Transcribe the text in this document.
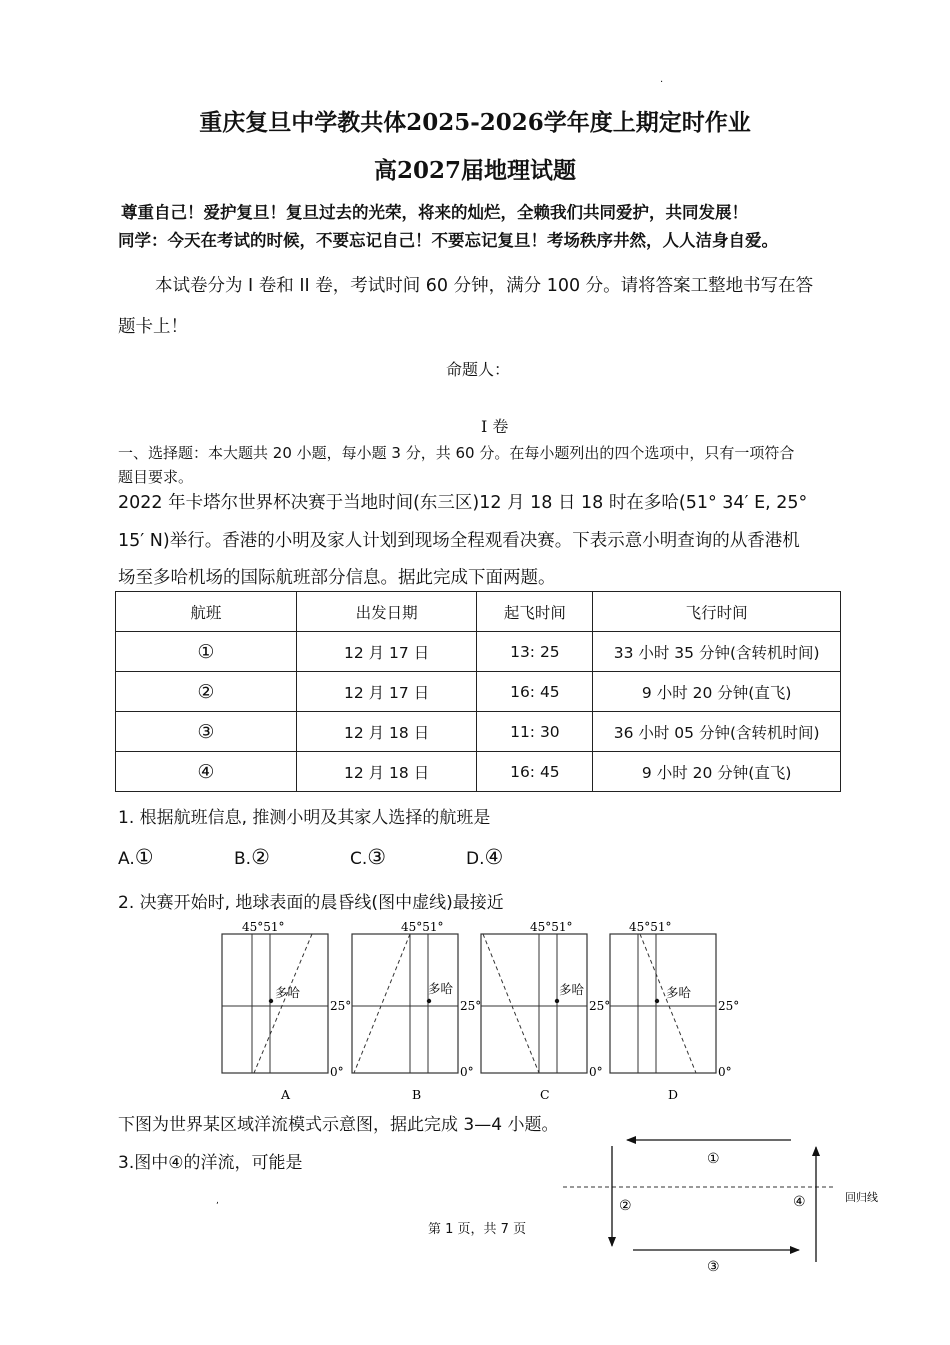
.
重庆复旦中学教共体2025-2026学年度上期定时作业
高2027届地理试题
尊重自己！爱护复旦！复旦过去的光荣，将来的灿烂，全赖我们共同爱护，共同发展！
同学：今天在考试的时候，不要忘记自己！不要忘记复旦！考场秩序井然，人人洁身自爱。
本试卷分为 I 卷和 II 卷，考试时间 60 分钟，满分 100 分。请将答案工整地书写在答
题卡上！
命题人：
I 卷
一、选择题：本大题共 20 小题，每小题 3 分，共 60 分。在每小题列出的四个选项中，只有一项符合
题目要求。
2022 年卡塔尔世界杯决赛于当地时间(东三区)12 月 18 日 18 时在多哈(51° 34′ E, 25°
15′ N)举行。香港的小明及家人计划到现场全程观看决赛。下表示意小明查询的从香港机
场至多哈机场的国际航班部分信息。据此完成下面两题。
航班	出发日期	起飞时间	飞行时间
①	12 月 17 日	13: 25	33 小时 35 分钟(含转机时间)
②	12 月 17 日	16: 45	9 小时 20 分钟(直飞)
③	12 月 18 日	11: 30	36 小时 05 分钟(含转机时间)
④	12 月 18 日	16: 45	9 小时 20 分钟(直飞)
1. 根据航班信息, 推测小明及其家人选择的航班是
A.①	B.②	C.③	D.④
2. 决赛开始时, 地球表面的晨昏线(图中虚线)最接近
45°51°
多哈
25°
0°
A
45°51°
多哈
25°
0°
B
45°51°
多哈
25°
0°
C
45°51°
多哈
25°
0°
D
下图为世界某区域洋流模式示意图，据此完成 3—4 小题。
3.图中④的洋流，可能是
回归线
①
②
③
④
,
第 1 页，共 7 页
